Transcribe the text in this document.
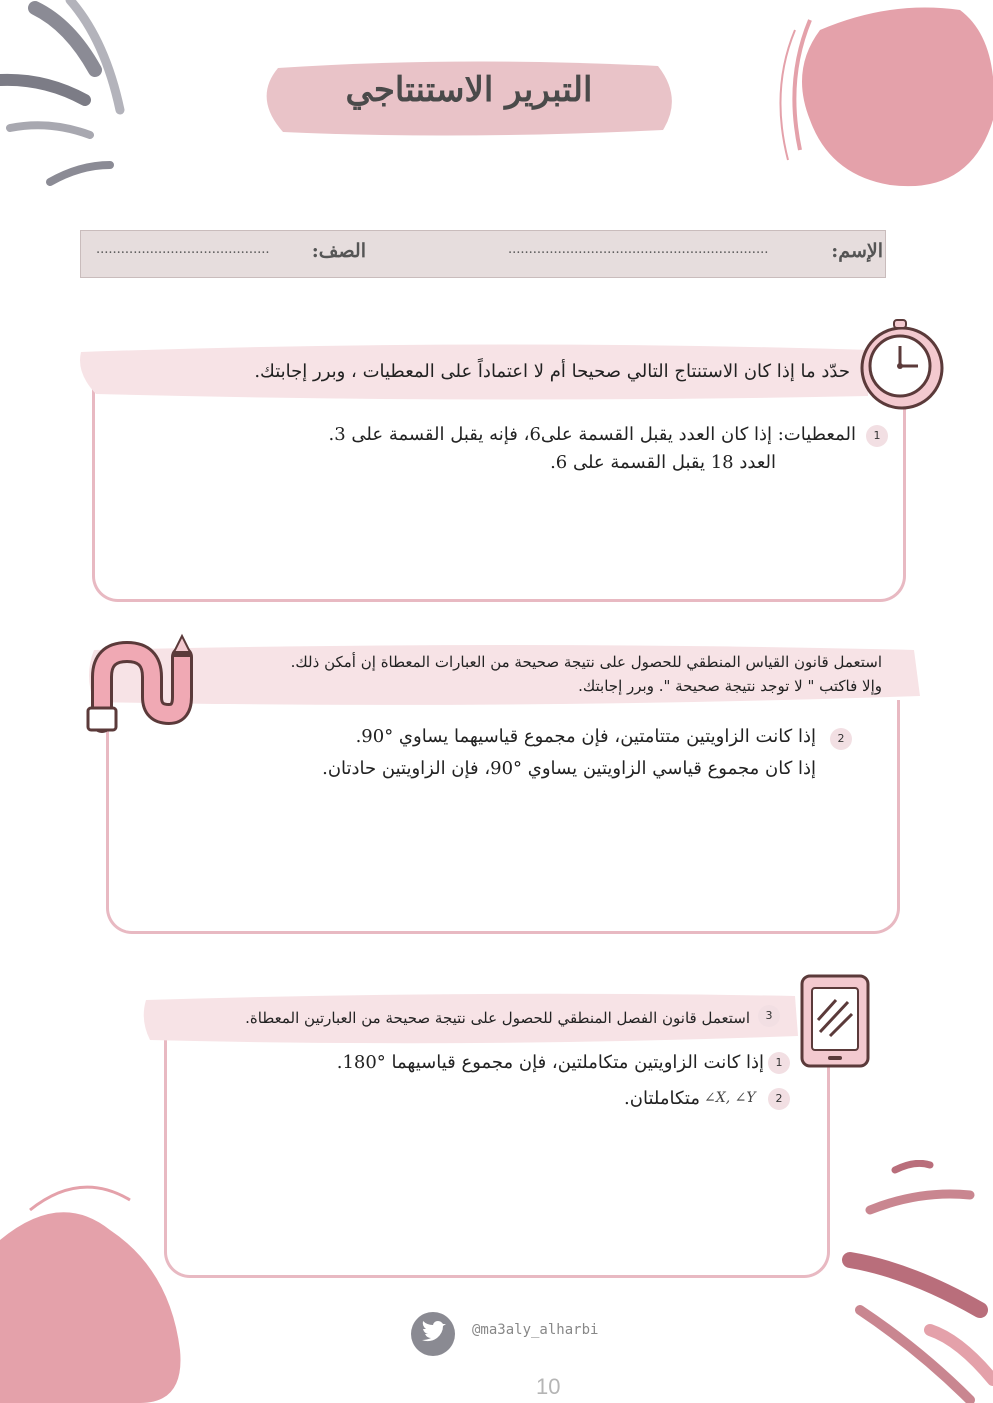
التبرير الاستنتاجي
الإسم:
...............................................................
الصف:
..........................................
حدّد ما إذا كان الاستنتاج التالي صحيحا أم لا اعتماداً على المعطيات ، وبرر إجابتك.
1
المعطيات: إذا كان العدد يقبل القسمة على6، فإنه يقبل القسمة على 3.
العدد 18 يقبل القسمة على 6.
استعمل قانون القياس المنطقي للحصول على نتيجة صحيحة من العبارات المعطاة إن أمكن ذلك.
وإلا فاكتب " لا توجد نتيجة صحيحة ". وبرر إجابتك.
2
إذا كانت الزاويتين متتامتين، فإن مجموع قياسيهما يساوي °90.
إذا كان مجموع قياسي الزاويتين يساوي °90، فإن الزاويتين حادتان.
3
استعمل قانون الفصل المنطقي للحصول على نتيجة صحيحة من العبارتين المعطاة.
1
إذا كانت الزاويتين متكاملتين، فإن مجموع قياسيهما °180.
2
∠X, ∠Y
متكاملتان.
@ma3aly_alharbi
10
